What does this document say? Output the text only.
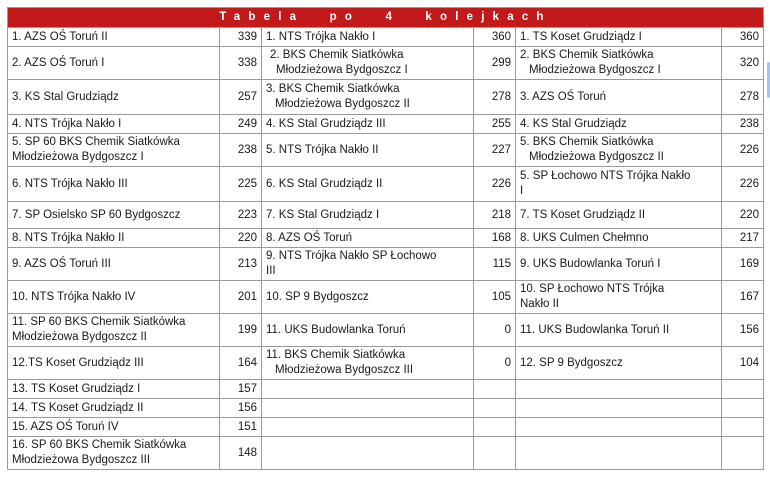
Tabela po 4 kolejkach					

1. AZS OŚ Toruń II	339	1. NTS Trójka Nakło I	360	1. TS Koset Grudziądz I	360

2. AZS OŚ Toruń I	338	2. BKS Chemik Siatkówka
Młodzieżowa Bydgoszcz I	299	2. BKS Chemik Siatkówka
Młodzieżowa Bydgoszcz I	320

3. KS Stal Grudziądz	257	3. BKS Chemik Siatkówka
Młodzieżowa Bydgoszcz II	278	3. AZS OŚ Toruń	278

4. NTS Trójka Nakło I	249	4. KS Stal Grudziądz III	255	4. KS Stal Grudziądz	238

5. SP 60 BKS Chemik Siatkówka
Młodzieżowa Bydgoszcz I	238	5. NTS Trójka Nakło II	227	5. BKS Chemik Siatkówka
Młodzieżowa Bydgoszcz II	226

6. NTS Trójka Nakło III	225	6. KS Stal Grudziądz II	226	5. SP Łochowo NTS Trójka Nakło
I	226

7. SP Osielsko SP 60 Bydgoszcz	223	7. KS Stal Grudziądz I	218	7. TS Koset Grudziądz II	220

8. NTS Trójka Nakło II	220	8. AZS OŚ Toruń	168	8. UKS Culmen Chełmno	217

9. AZS OŚ Toruń III	213	9. NTS Trójka Nakło SP Łochowo
III	115	9. UKS Budowlanka Toruń I	169

10. NTS Trójka Nakło IV	201	10. SP 9 Bydgoszcz	105	10. SP Łochowo NTS Trójka
Nakło II	167

11. SP 60 BKS Chemik Siatkówka
Młodzieżowa Bydgoszcz II	199	11. UKS Budowlanka Toruń	0	11. UKS Budowlanka Toruń II	156

12.TS Koset Grudziądz III	164	11. BKS Chemik Siatkówka
Młodzieżowa Bydgoszcz III	0	12. SP 9 Bydgoszcz	104

13. TS Koset Grudziądz I	157				

14. TS Koset Grudziądz II	156				

15. AZS OŚ Toruń IV	151				

16. SP 60 BKS Chemik Siatkówka
Młodzieżowa Bydgoszcz III	148				
